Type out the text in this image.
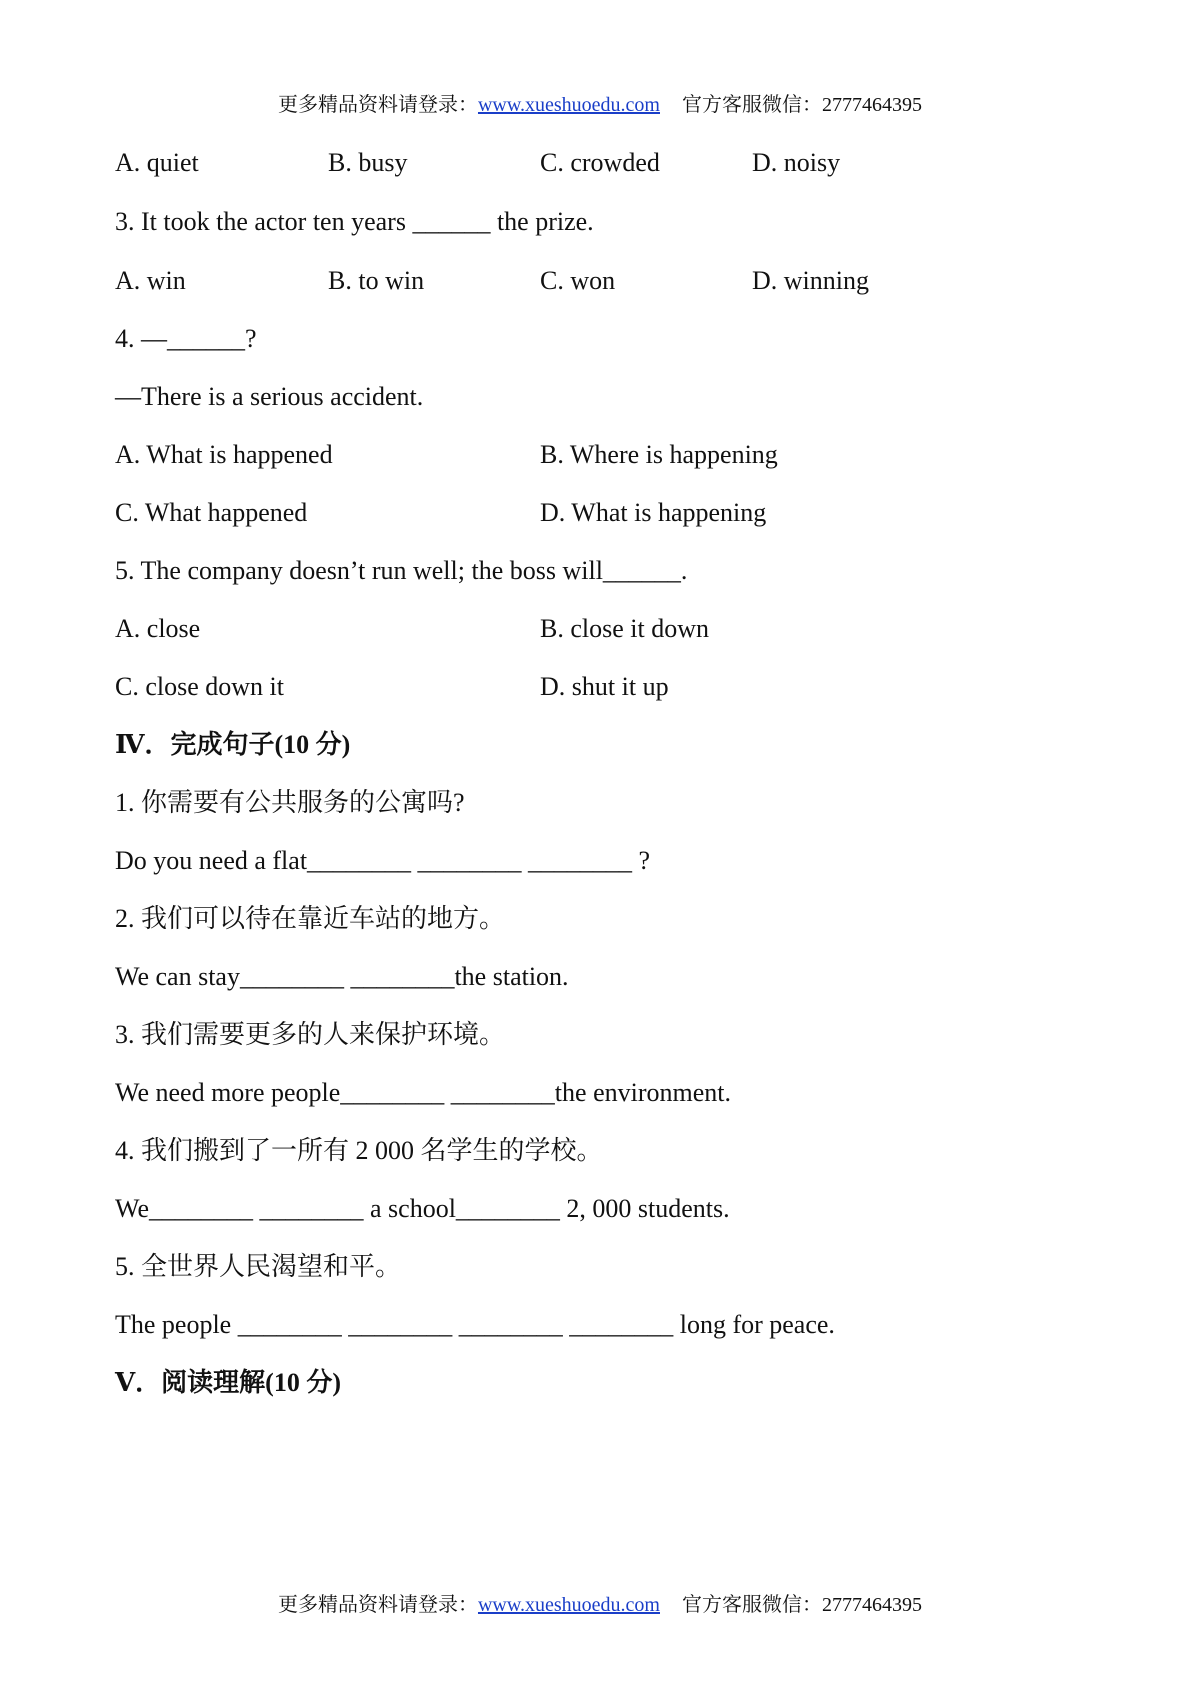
更多精品资料请登录：www.xueshuoedu.com 官方客服微信：2777464395
A. quiet	B. busy	C. crowded	D. noisy
3. It took the actor ten years ______ the prize.
A. win	B. to win	C. won	D. winning
4. —______?
—There is a serious accident.
A. What is happened	B. Where is happening
C. What happened	D. What is happening
5. The company doesn’t run well; the boss will______.
A. close	B. close it down
C. close down it	D. shut it up
Ⅳ．完成句子(10 分)
1. 你需要有公共服务的公寓吗?
Do you need a flat________ ________ ________ ?
2. 我们可以待在靠近车站的地方。
We can stay________ ________the station.
3. 我们需要更多的人来保护环境。
We need more people________ ________the environment.
4. 我们搬到了一所有 2 000 名学生的学校。
We________ ________ a school________ 2, 000 students.
5. 全世界人民渴望和平。
The people ________ ________ ________ ________ long for peace.
Ⅴ．阅读理解(10 分)
更多精品资料请登录：www.xueshuoedu.com 官方客服微信：2777464395
